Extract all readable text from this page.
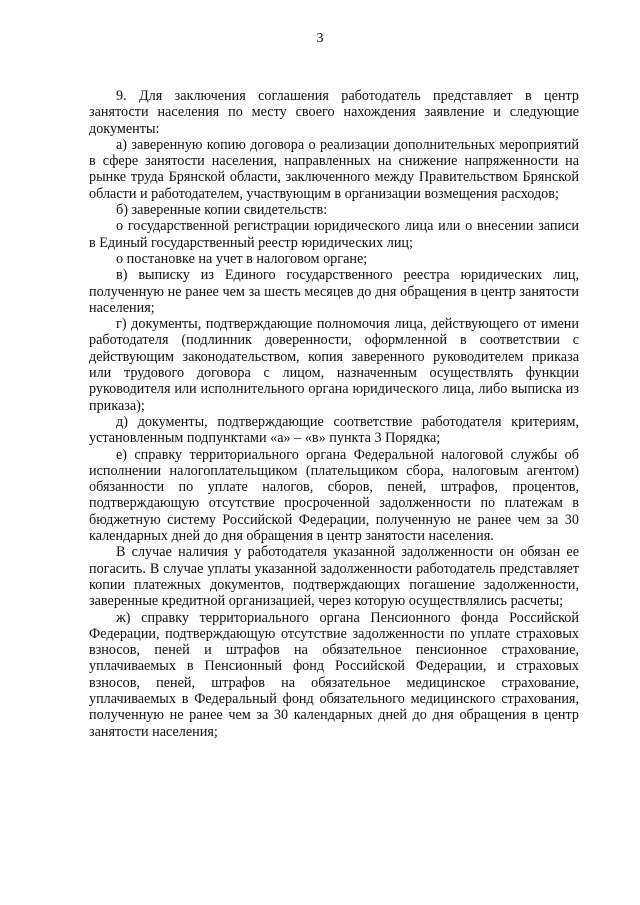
3

9. Для заключения соглашения работодатель представляет в центр занятости населения по месту своего нахождения заявление и следующие документы:

а) заверенную копию договора о реализации дополнительных мероприятий в сфере занятости населения, направленных на снижение напряженности на рынке труда Брянской области, заключенного между Правительством Брянской области и работодателем, участвующим в организации возмещения расходов;

б) заверенные копии свидетельств:

о государственной регистрации юридического лица или о внесении записи в Единый государственный реестр юридических лиц;

о постановке на учет в налоговом органе;

в) выписку из Единого государственного реестра юридических лиц, полученную не ранее чем за шесть месяцев до дня обращения в центр занятости населения;

г) документы, подтверждающие полномочия лица, действующего от имени работодателя (подлинник доверенности, оформленной в соответствии с действующим законодательством, копия заверенного руководителем приказа или трудового договора с лицом, назначенным осуществлять функции руководителя или исполнительного органа юридического лица, либо выписка из приказа);

д) документы, подтверждающие соответствие работодателя критериям, установленным подпунктами «а» – «в» пункта 3 Порядка;

е) справку территориального органа Федеральной налоговой службы об исполнении налогоплательщиком (плательщиком сбора, налоговым агентом) обязанности по уплате налогов, сборов, пеней, штрафов, процентов, подтверждающую отсутствие просроченной задолженности по платежам в бюджетную систему Российской Федерации, полученную не ранее чем за 30 календарных дней до дня обращения в центр занятости населения.

В случае наличия у работодателя указанной задолженности он обязан ее погасить. В случае уплаты указанной задолженности работодатель представляет копии платежных документов, подтверждающих погашение задолженности, заверенные кредитной организацией, через которую осуществлялись расчеты;

ж) справку территориального органа Пенсионного фонда Российской Федерации, подтверждающую отсутствие задолженности по уплате страховых взносов, пеней и штрафов на обязательное пенсионное страхование, уплачиваемых в Пенсионный фонд Российской Федерации, и страховых взносов, пеней, штрафов на обязательное медицинское страхование, уплачиваемых в Федеральный фонд обязательного медицинского страхования, полученную не ранее чем за 30 календарных дней до дня обращения в центр занятости населения;
